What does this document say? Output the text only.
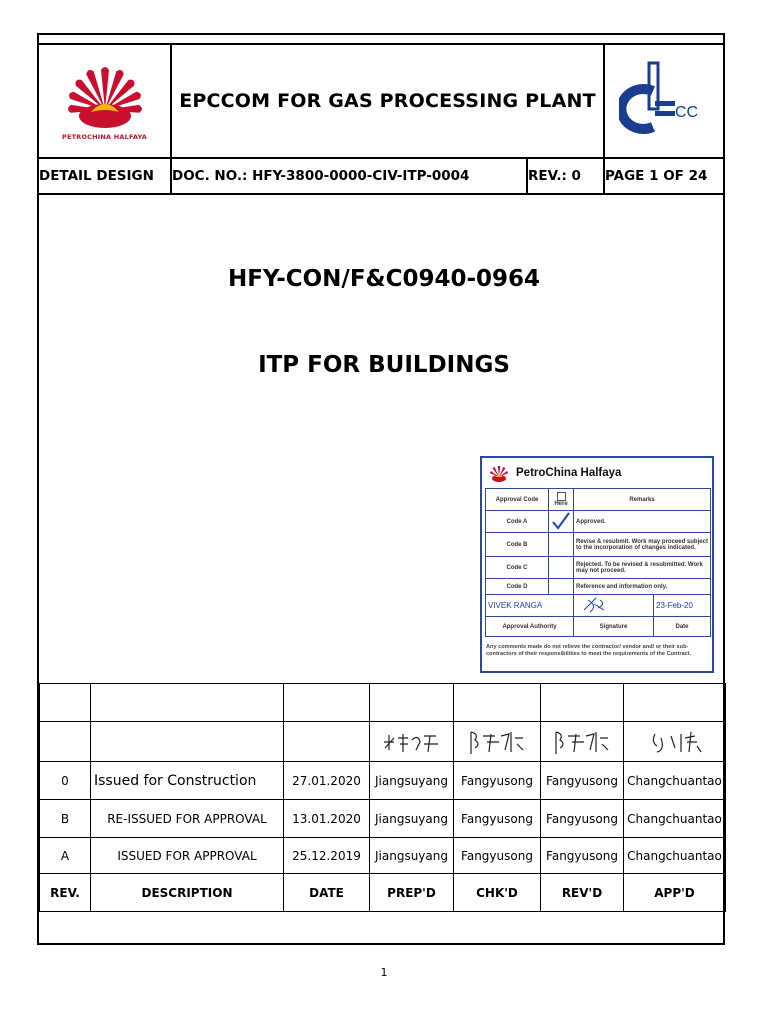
PETROCHINA HALFAYA	EPCCOM FOR GAS PROCESSING PLANT		CC

DETAIL DESIGN	DOC. NO.: HFY-3800-0000-CIV-ITP-0004	REV.: 0	PAGE 1 OF 24
HFY-CON/F&C0940-0964
ITP FOR BUILDINGS
PetroChina Halfaya
Approval Code	Here	Remarks	
Code A		Approved.	
Code B		Revise & resubmit. Work may proceed subject to the incorporation of changes indicated.	
Code C		Rejected. To be revised & resubmitted. Work may not proceed.	
Code D		Reference and information only.	
VIVEK RANGA			23-Feb-20
Approval Authority		Signature	Date
Any comments made do not relieve the contractor/ vendor and/ or their sub-contractors of their responsibilities to meet the requirements of the Contract.

0	Issued for Construction	27.01.2020	Jiangsuyang	Fangyusong	Fangyusong	Changchuantao
B	RE-ISSUED FOR APPROVAL	13.01.2020	Jiangsuyang	Fangyusong	Fangyusong	Changchuantao
A	ISSUED FOR APPROVAL	25.12.2019	Jiangsuyang	Fangyusong	Fangyusong	Changchuantao
REV.	DESCRIPTION	DATE	PREP'D	CHK'D	REV'D	APP'D
1
